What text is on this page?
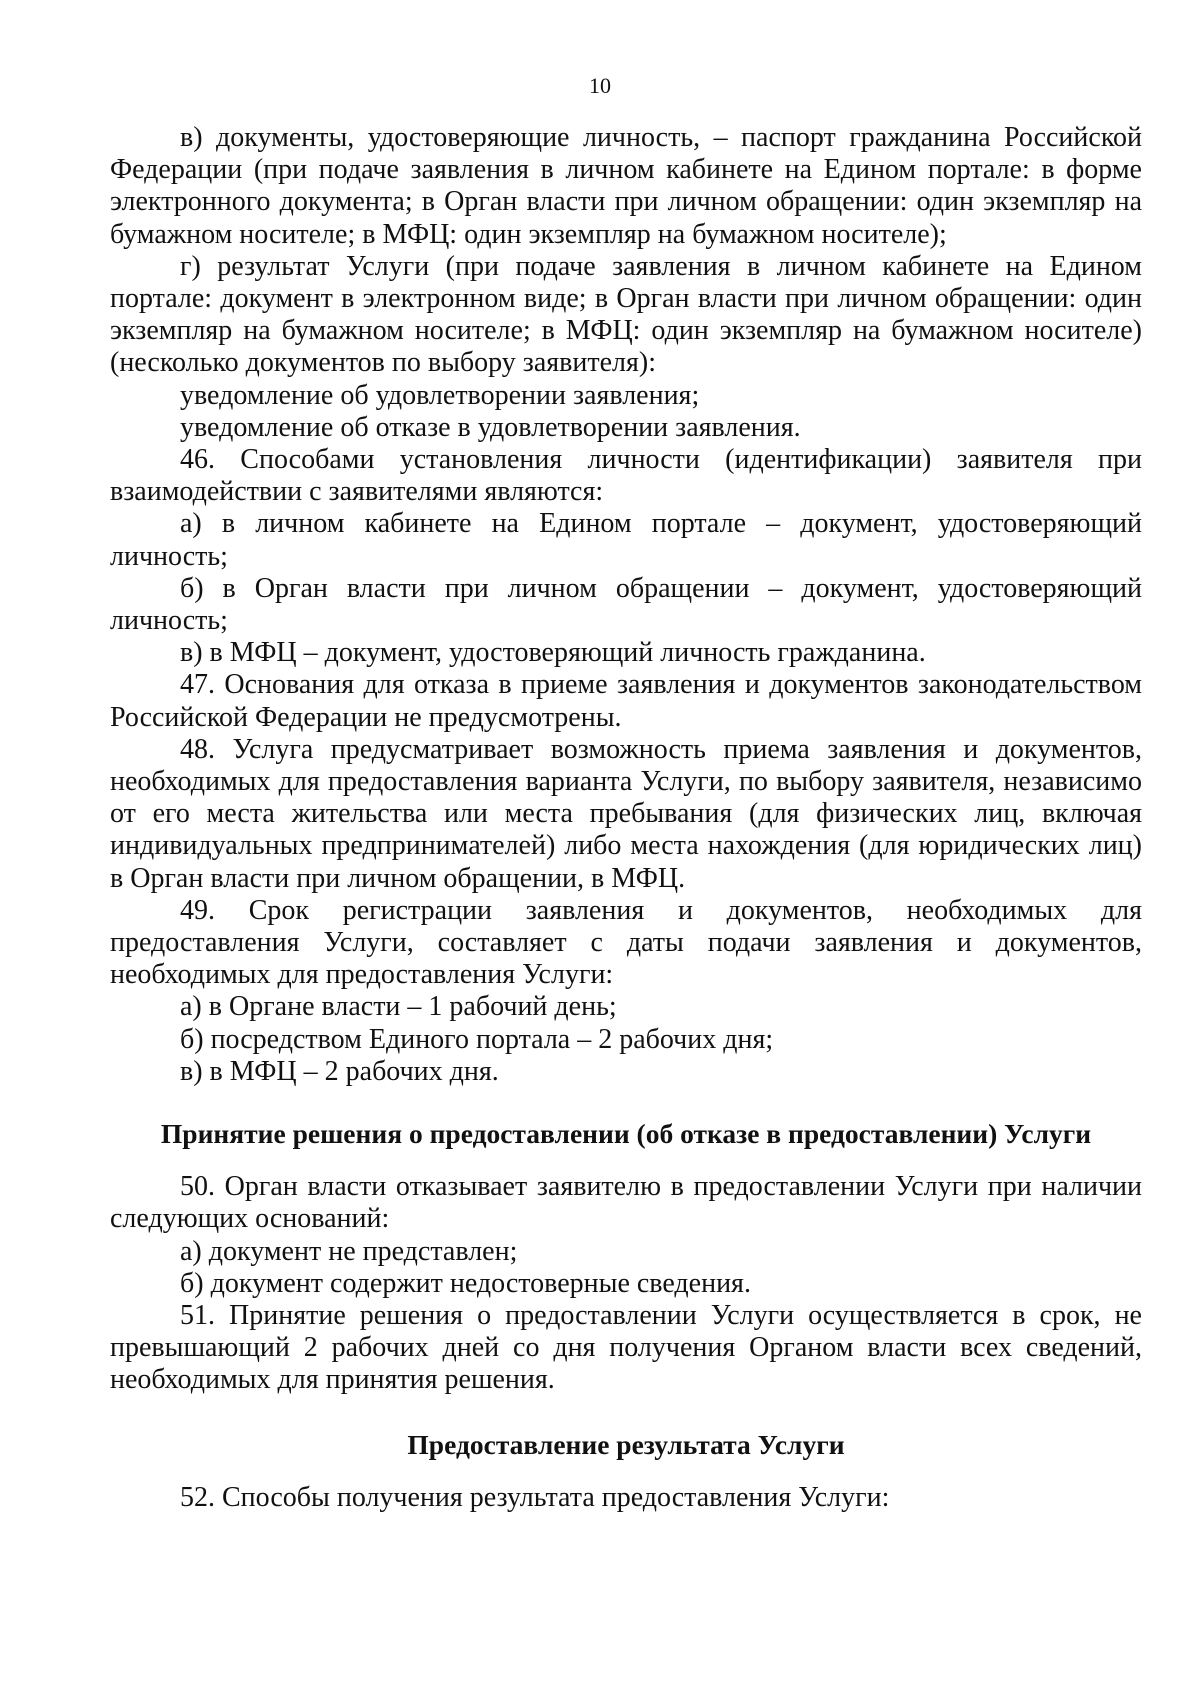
10

в) документы, удостоверяющие личность, – паспорт гражданина Российской Федерации (при подаче заявления в личном кабинете на Едином портале: в форме электронного документа; в Орган власти при личном обращении: один экземпляр на бумажном носителе; в МФЦ: один экземпляр на бумажном носителе);

г) результат Услуги (при подаче заявления в личном кабинете на Едином портале: документ в электронном виде; в Орган власти при личном обращении: один экземпляр на бумажном носителе; в МФЦ: один экземпляр на бумажном носителе) (несколько документов по выбору заявителя):

уведомление об удовлетворении заявления;

уведомление об отказе в удовлетворении заявления.

46. Способами установления личности (идентификации) заявителя при взаимодействии с заявителями являются:

а) в личном кабинете на Едином портале – документ, удостоверяющий личность;

б) в Орган власти при личном обращении – документ, удостоверяющий личность;

в) в МФЦ – документ, удостоверяющий личность гражданина.

47. Основания для отказа в приеме заявления и документов законодательством Российской Федерации не предусмотрены.

48. Услуга предусматривает возможность приема заявления и документов, необходимых для предоставления варианта Услуги, по выбору заявителя, независимо от его места жительства или места пребывания (для физических лиц, включая индивидуальных предпринимателей) либо места нахождения (для юридических лиц) в Орган власти при личном обращении, в МФЦ.

49. Срок регистрации заявления и документов, необходимых для предоставления Услуги, составляет с даты подачи заявления и документов, необходимых для предоставления Услуги:

а) в Органе власти – 1 рабочий день;

б) посредством Единого портала – 2 рабочих дня;

в) в МФЦ – 2 рабочих дня.

Принятие решения о предоставлении (об отказе в предоставлении) Услуги

50. Орган власти отказывает заявителю в предоставлении Услуги при наличии следующих оснований:

а) документ не представлен;

б) документ содержит недостоверные сведения.

51. Принятие решения о предоставлении Услуги осуществляется в срок, не превышающий 2 рабочих дней со дня получения Органом власти всех сведений, необходимых для принятия решения.

Предоставление результата Услуги

52. Способы получения результата предоставления Услуги:
